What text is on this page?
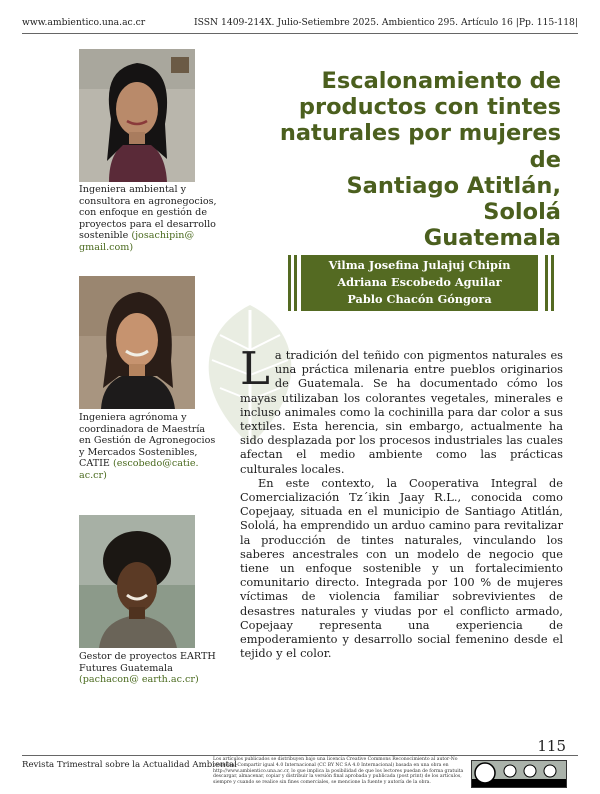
www.ambientico.una.ac.cr	ISSN 1409-214X. Julio-Setiembre 2025. Ambientico 295. Artículo 16 |Pp. 115-118|
Ingeniera ambiental y consultora en agronegocios, con enfoque en gestión de proyectos para el desarrollo sostenible (josachipin@ gmail.com)
Ingeniera agrónoma y coordinadora de Maestría en Gestión de Agronegocios y Mercados Sostenibles, CATIE (escobedo@catie. ac.cr)
Gestor de proyectos EARTH Futures Guatemala (pachacon@ earth.ac.cr)
Escalonamiento de
productos con tintes
naturales por mujeres de
Santiago Atitlán, Sololá
Guatemala
Vilma Josefina Julajuj Chipín
Adriana Escobedo Aguilar
Pablo Chacón Góngora

La tradición del teñido con pigmentos naturales es una práctica milenaria entre pueblos originarios de Guatemala. Se ha documentado cómo los mayas utilizaban los colorantes vegetales, minerales e incluso animales como la cochinilla para dar color a sus textiles. Esta herencia, sin embargo, actualmente ha sido desplazada por los procesos industriales las cuales afectan el medio ambiente como las prácticas culturales locales.

En este contexto, la Cooperativa Integral de Comercialización Tz´ikin Jaay R.L., conocida como Copejaay, situada en el municipio de Santiago Atitlán, Sololá, ha emprendido un arduo camino para revitalizar la producción de tintes naturales, vinculando los saberes ancestrales con un modelo de negocio que tiene un enfoque sostenible y un fortalecimiento comunitario directo. Integrada por 100 % de mujeres víctimas de violencia familiar sobrevivientes de desastres naturales y viudas por el conflicto armado, Copejaay representa una experiencia de empoderamiento y desarrollo social femenino desde el tejido y el color.

115
Revista Trimestral sobre la Actualidad Ambiental
Los artículos publicados se distribuyen bajo una licencia Creative Commons Reconocimiento al autor-No comercial-Compartir igual 4.0 Internacional (CC BY NC SA 4.0 Internacional) basada en una obra en http://www.ambientico.una.ac.cr, lo que implica la posibilidad de que los lectores puedan de forma gratuita descargar, almacenar, copiar y distribuir la versión final aprobada y publicada (post print) de los artículos, siempre y cuando se realice sin fines comerciales, se mencione la fuente y autoría de la obra.
